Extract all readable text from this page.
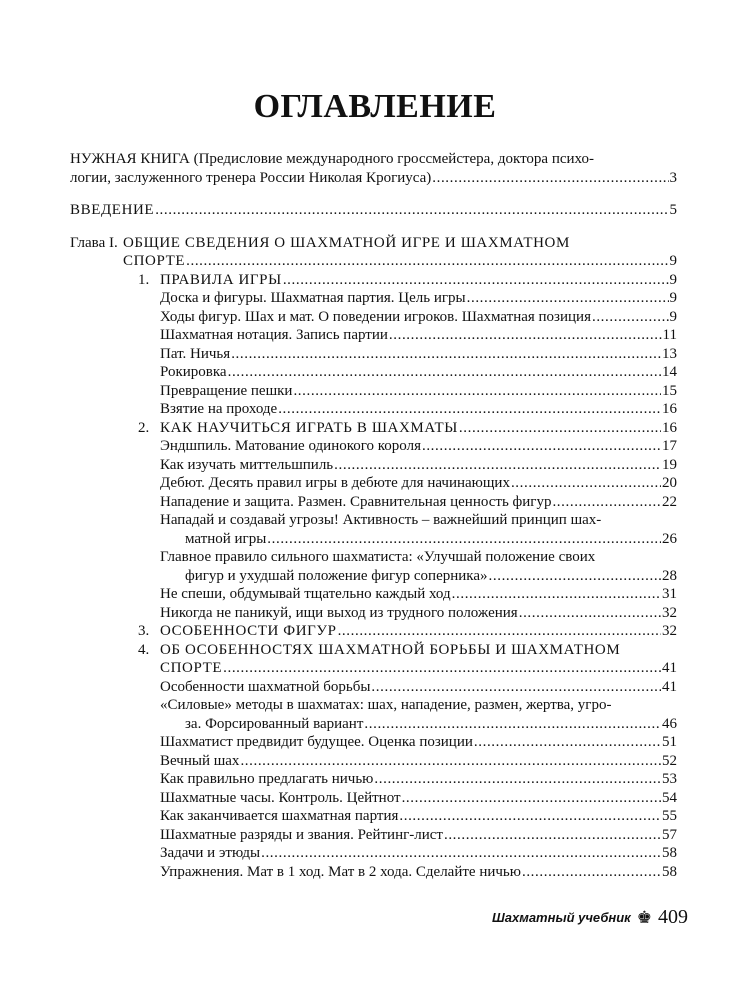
ОГЛАВЛЕНИЕ
НУЖНАЯ КНИГА (Предисловие международного гроссмейстера, доктора психо-
логии, заслуженного тренера России Николая Крогиуса) .....	3
ВВЕДЕНИЕ .....	5
Глава I. ОБЩИЕ СВЕДЕНИЯ О ШАХМАТНОЙ ИГРЕ И ШАХМАТНОМ
СПОРТЕ .....	9
1. ПРАВИЛА ИГРЫ .....	9
Доска и фигуры. Шахматная партия. Цель игры .....	9
Ходы фигур. Шах и мат. О поведении игроков. Шахматная позиция .....	9
Шахматная нотация. Запись партии .....	11
Пат. Ничья .....	13
Рокировка .....	14
Превращение пешки .....	15
Взятие на проходе .....	16
2. КАК НАУЧИТЬСЯ ИГРАТЬ В ШАХМАТЫ .....	16
Эндшпиль. Матование одинокого короля .....	17
Как изучать миттельшпиль .....	19
Дебют. Десять правил игры в дебюте для начинающих .....	20
Нападение и защита. Размен. Сравнительная ценность фигур .....	22
Нападай и создавай угрозы! Активность – важнейший принцип шах-
матной игры .....	26
Главное правило сильного шахматиста: «Улучшай положение своих
фигур и ухудшай положение фигур соперника» .....	28
Не спеши, обдумывай тщательно каждый ход .....	31
Никогда не паникуй, ищи выход из трудного положения .....	32
3. ОСОБЕННОСТИ ФИГУР .....	32
4. ОБ ОСОБЕННОСТЯХ ШАХМАТНОЙ БОРЬБЫ И ШАХМАТНОМ
СПОРТЕ .....	41
Особенности шахматной борьбы .....	41
«Силовые» методы в шахматах: шах, нападение, размен, жертва, угро-
за. Форсированный вариант .....	46
Шахматист предвидит будущее. Оценка позиции .....	51
Вечный шах .....	52
Как правильно предлагать ничью .....	53
Шахматные часы. Контроль. Цейтнот .....	54
Как заканчивается шахматная партия .....	55
Шахматные разряды и звания. Рейтинг-лист .....	57
Задачи и этюды .....	58
Упражнения. Мат в 1 ход. Мат в 2 хода. Сделайте ничью .....	58
Шахматный учебник ♚ 409
